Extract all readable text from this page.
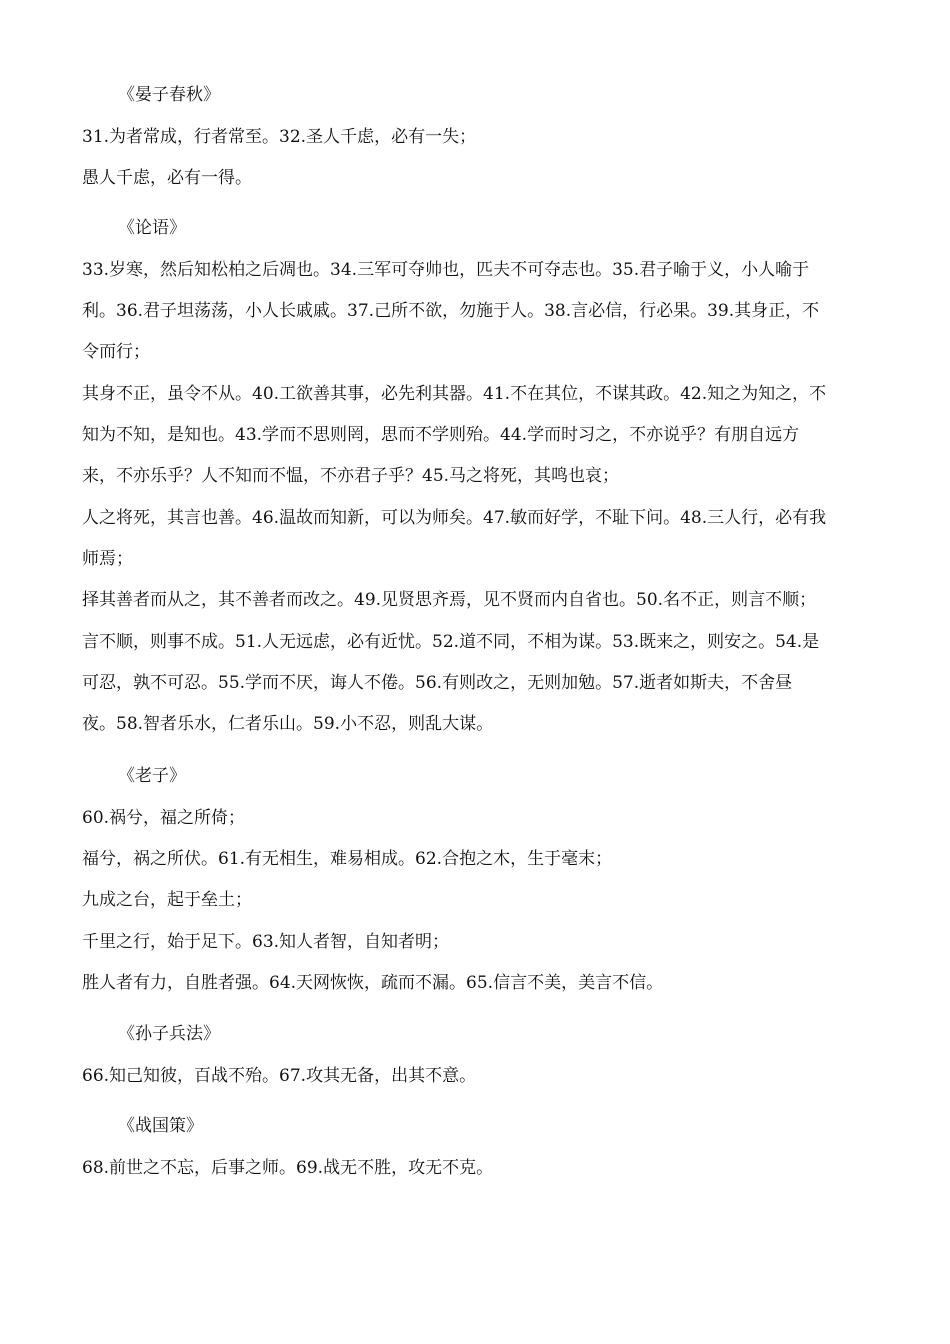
《晏子春秋》
31.为者常成，行者常至。32.圣人千虑，必有一失；
愚人千虑，必有一得。
《论语》
33.岁寒，然后知松柏之后凋也。34.三军可夺帅也，匹夫不可夺志也。35.君子喻于义，小人喻于
利。36.君子坦荡荡，小人长戚戚。37.己所不欲，勿施于人。38.言必信，行必果。39.其身正，不
令而行；
其身不正，虽令不从。40.工欲善其事，必先利其器。41.不在其位，不谋其政。42.知之为知之，不
知为不知，是知也。43.学而不思则罔，思而不学则殆。44.学而时习之，不亦说乎？有朋自远方
来，不亦乐乎？人不知而不愠，不亦君子乎？45.马之将死，其鸣也哀；
人之将死，其言也善。46.温故而知新，可以为师矣。47.敏而好学，不耻下问。48.三人行，必有我
师焉；
择其善者而从之，其不善者而改之。49.见贤思齐焉，见不贤而内自省也。50.名不正，则言不顺；
言不顺，则事不成。51.人无远虑，必有近忧。52.道不同，不相为谋。53.既来之，则安之。54.是
可忍，孰不可忍。55.学而不厌，诲人不倦。56.有则改之，无则加勉。57.逝者如斯夫，不舍昼
夜。58.智者乐水，仁者乐山。59.小不忍，则乱大谋。
《老子》
60.祸兮，福之所倚；
福兮，祸之所伏。61.有无相生，难易相成。62.合抱之木，生于毫末；
九成之台，起于垒土；
千里之行，始于足下。63.知人者智，自知者明；
胜人者有力，自胜者强。64.天网恢恢，疏而不漏。65.信言不美，美言不信。
《孙子兵法》
66.知己知彼，百战不殆。67.攻其无备，出其不意。
《战国策》
68.前世之不忘，后事之师。69.战无不胜，攻无不克。
